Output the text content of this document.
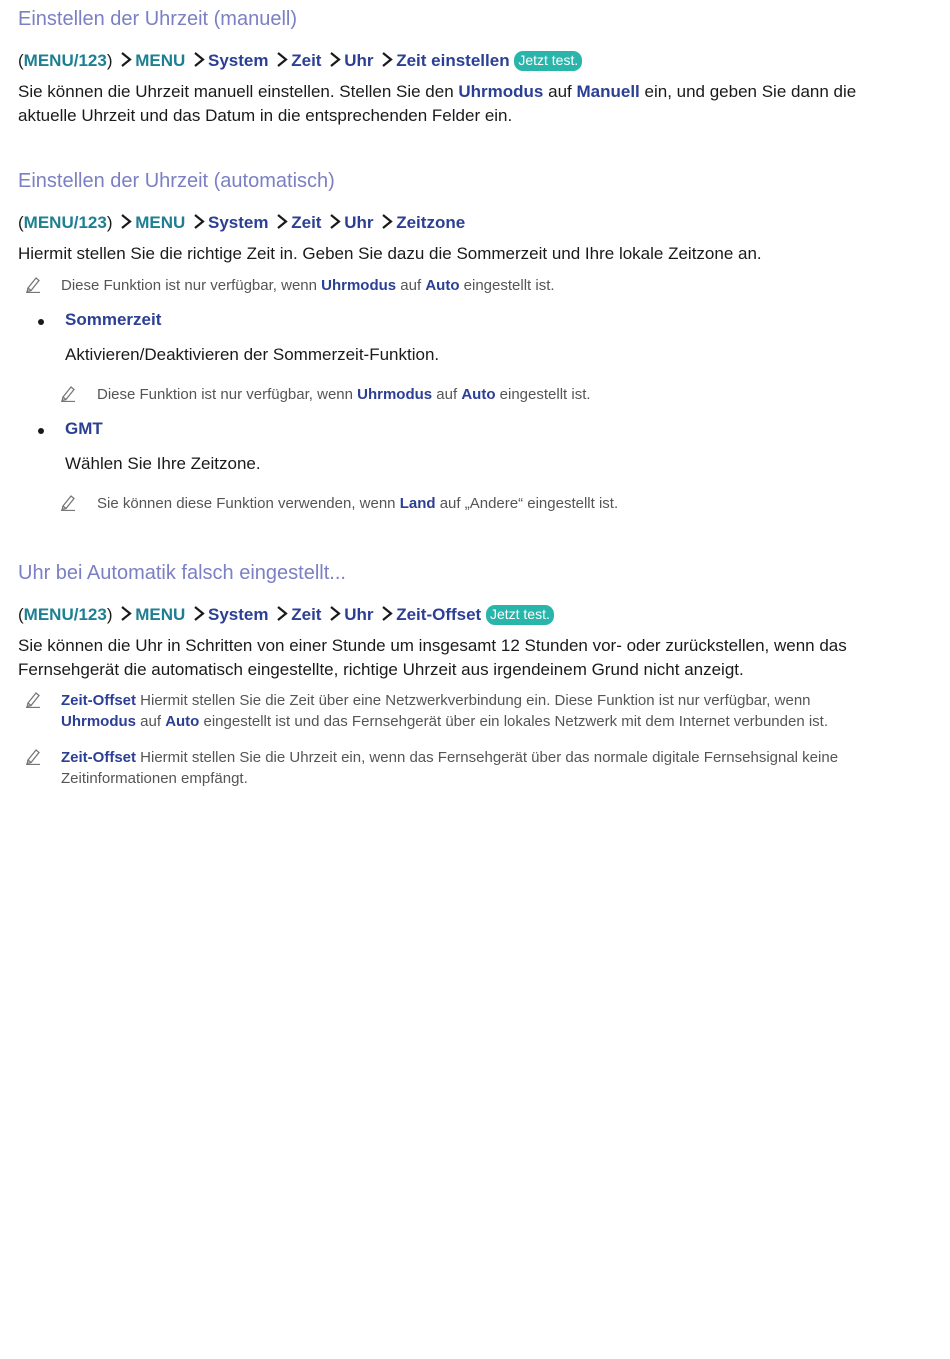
Einstellen der Uhrzeit (manuell)
(MENU/123) MENU System Zeit Uhr Zeit einstellen Jetzt test.
Sie können die Uhrzeit manuell einstellen. Stellen Sie den Uhrmodus auf Manuell ein, und geben Sie dann die aktuelle Uhrzeit und das Datum in die entsprechenden Felder ein.
Einstellen der Uhrzeit (automatisch)
(MENU/123) MENU System Zeit Uhr Zeitzone
Hiermit stellen Sie die richtige Zeit in. Geben Sie dazu die Sommerzeit und Ihre lokale Zeitzone an.
Diese Funktion ist nur verfügbar, wenn Uhrmodus auf Auto eingestellt ist.
Sommerzeit
Aktivieren/Deaktivieren der Sommerzeit-Funktion.
Diese Funktion ist nur verfügbar, wenn Uhrmodus auf Auto eingestellt ist.
GMT
Wählen Sie Ihre Zeitzone.
Sie können diese Funktion verwenden, wenn Land auf „Andere“ eingestellt ist.
Uhr bei Automatik falsch eingestellt...
(MENU/123) MENU System Zeit Uhr Zeit-Offset Jetzt test.
Sie können die Uhr in Schritten von einer Stunde um insgesamt 12 Stunden vor- oder zurückstellen, wenn das Fernsehgerät die automatisch eingestellte, richtige Uhrzeit aus irgendeinem Grund nicht anzeigt.
Zeit-Offset Hiermit stellen Sie die Zeit über eine Netzwerkverbindung ein. Diese Funktion ist nur verfügbar, wenn Uhrmodus auf Auto eingestellt ist und das Fernsehgerät über ein lokales Netzwerk mit dem Internet verbunden ist.
Zeit-Offset Hiermit stellen Sie die Uhrzeit ein, wenn das Fernsehgerät über das normale digitale Fernsehsignal keine Zeitinformationen empfängt.
